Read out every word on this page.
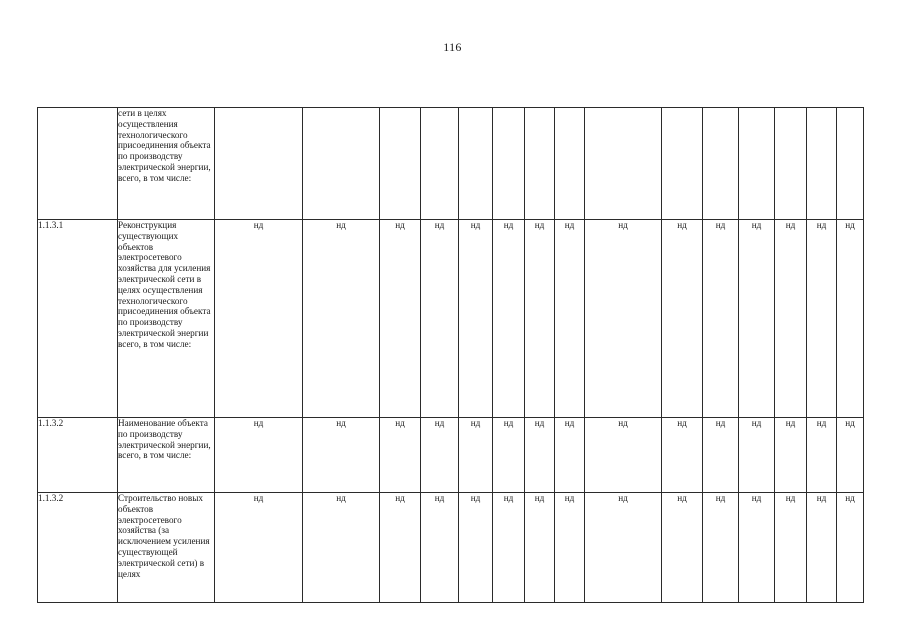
116
	сети в целях осуществления технологического присоединения объекта по производству электрической энергии, всего, в том числе:															
1.1.3.1	Реконструкция существующих объектов электросетевого хозяйства для усиления электрической сети в целях осуществления технологического присоединения объекта по производству электрической энергии всего, в том числе:	нд	нд	нд	нд	нд	нд	нд	нд	нд	нд	нд	нд	нд	нд	нд
1.1.3.2	Наименование объекта по производству электрической энергии, всего, в том числе:	нд	нд	нд	нд	нд	нд	нд	нд	нд	нд	нд	нд	нд	нд	нд
1.1.3.2	Строительство новых объектов электросетевого хозяйства (за исключением усиления существующей электрической сети) в целях	нд	нд	нд	нд	нд	нд	нд	нд	нд	нд	нд	нд	нд	нд	нд
